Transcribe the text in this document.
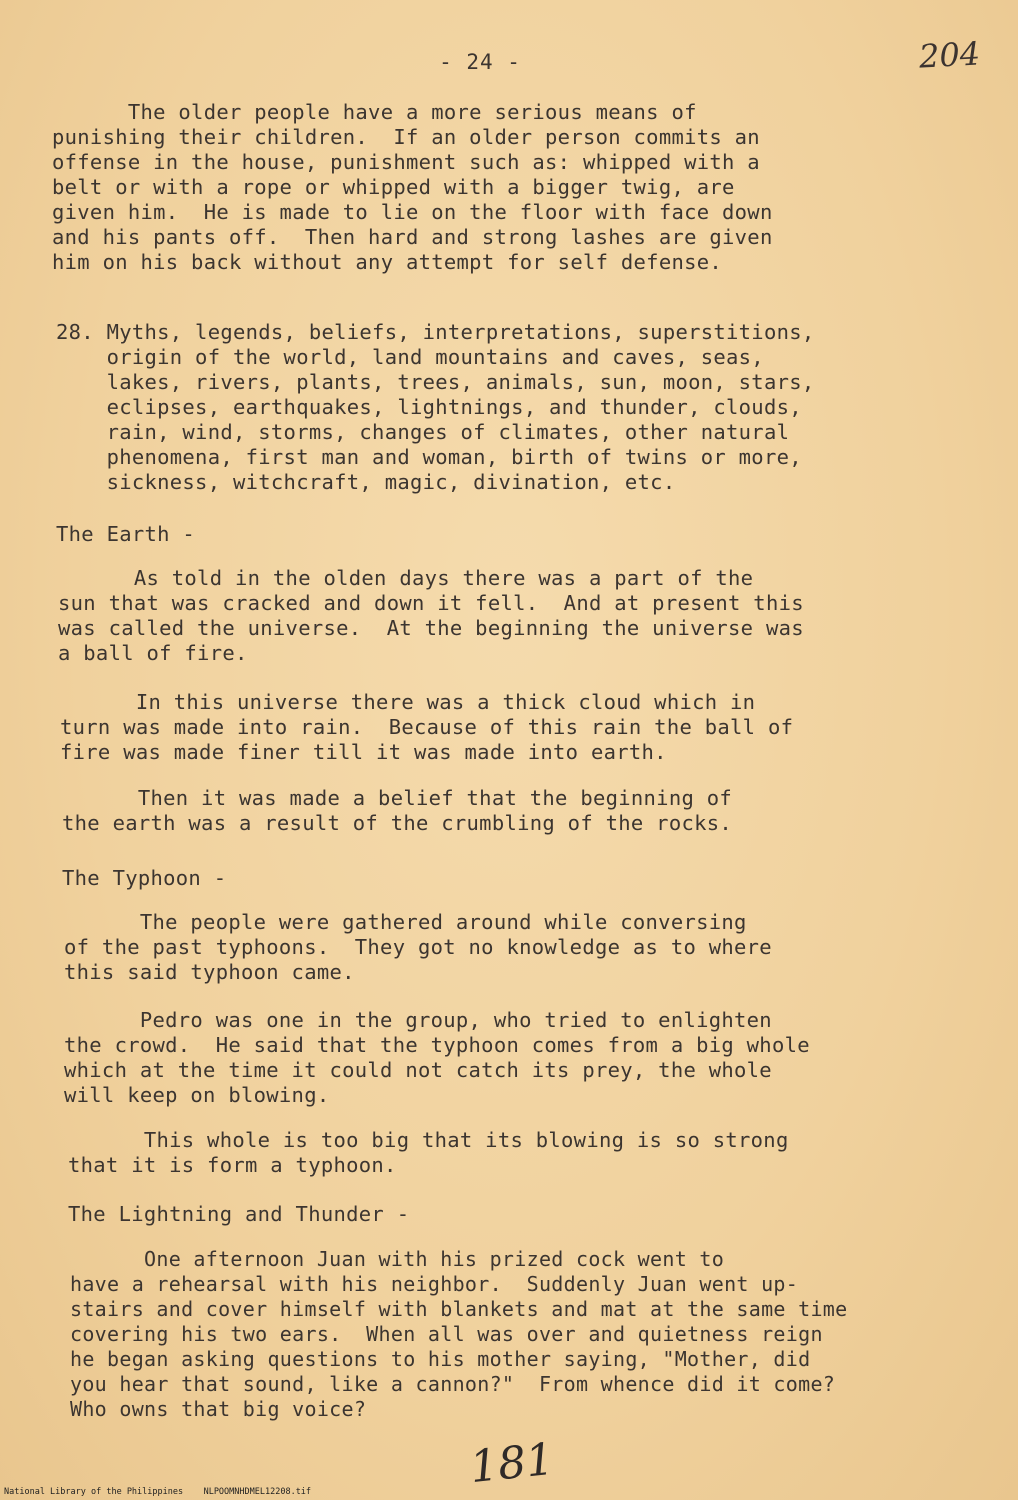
- 24 -	204
The older people have a more serious means of
punishing their children.  If an older person commits an
offense in the house, punishment such as: whipped with a
belt or with a rope or whipped with a bigger twig, are
given him.  He is made to lie on the floor with face down
and his pants off.  Then hard and strong lashes are given
him on his back without any attempt for self defense.
28. Myths, legends, beliefs, interpretations, superstitions,
origin of the world, land mountains and caves, seas,
lakes, rivers, plants, trees, animals, sun, moon, stars,
eclipses, earthquakes, lightnings, and thunder, clouds,
rain, wind, storms, changes of climates, other natural
phenomena, first man and woman, birth of twins or more,
sickness, witchcraft, magic, divination, etc.
The Earth -
As told in the olden days there was a part of the
sun that was cracked and down it fell.  And at present this
was called the universe.  At the beginning the universe was
a ball of fire.
In this universe there was a thick cloud which in
turn was made into rain.  Because of this rain the ball of
fire was made finer till it was made into earth.
Then it was made a belief that the beginning of
the earth was a result of the crumbling of the rocks.
The Typhoon -
The people were gathered around while conversing
of the past typhoons.  They got no knowledge as to where
this said typhoon came.
Pedro was one in the group, who tried to enlighten
the crowd.  He said that the typhoon comes from a big whole
which at the time it could not catch its prey, the whole
will keep on blowing.
This whole is too big that its blowing is so strong
that it is form a typhoon.
The Lightning and Thunder -
One afternoon Juan with his prized cock went to
have a rehearsal with his neighbor.  Suddenly Juan went up-
stairs and cover himself with blankets and mat at the same time
covering his two ears.  When all was over and quietness reign
he began asking questions to his mother saying, "Mother, did
you hear that sound, like a cannon?"  From whence did it come?
Who owns that big voice?
181
National Library of the Philippines    NLPOOMNHDMEL12208.tif
